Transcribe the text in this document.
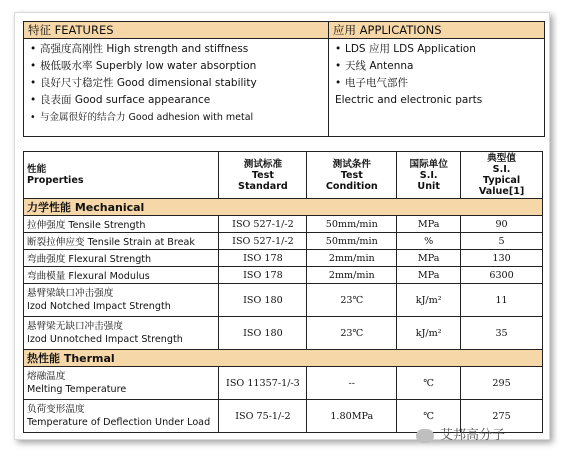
特征 FEATURES
• 高强度高刚性 High strength and stiffness
• 极低吸水率 Superbly low water absorption
• 良好尺寸稳定性 Good dimensional stability
• 良表面 Good surface appearance
• 与金属很好的结合力 Good adhesion with metal
应用 APPLICATIONS
• LDS 应用 LDS Application
• 天线 Antenna
• 电子电气部件
Electric and electronic parts
性能
Properties	测试标准
Test
Standard	测试条件
Test
Condition	国际单位
S.I.
Unit	典型值
S.I.
Typical Value[1]
力学性能 Mechanical				
拉伸强度 Tensile Strength	ISO 527-1/-2	50mm/min	MPa	90
断裂拉伸应变 Tensile Strain at Break	ISO 527-1/-2	50mm/min	%	5
弯曲强度 Flexural Strength	ISO 178	2mm/min	MPa	130
弯曲模量 Flexural Modulus	ISO 178	2mm/min	MPa	6300
悬臂梁缺口冲击强度
Izod Notched Impact Strength	ISO 180	23℃	kJ/m²	11
悬臂梁无缺口冲击强度
Izod Unnotched Impact Strength	ISO 180	23℃	kJ/m²	35
热性能 Thermal				
熔融温度
Melting Temperature	ISO 11357-1/-3	--	℃	295
负荷变形温度
Temperature of Deflection Under Load	ISO 75-1/-2	1.80MPa	℃	275
艾邦高分子
